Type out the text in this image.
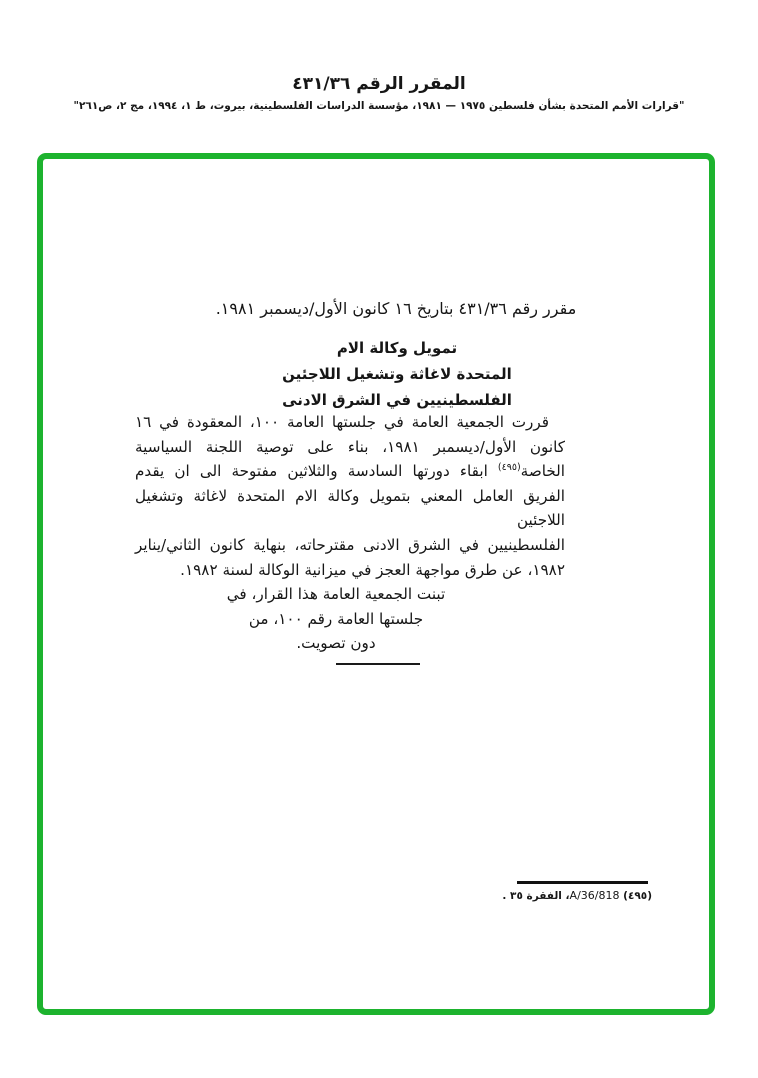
المقرر الرقم ٤٣١/٣٦
"قرارات الأمم المتحدة بشأن فلسطين ١٩٧٥ — ١٩٨١، مؤسسة الدراسات الفلسطينية، بيروت، ط ١، ١٩٩٤، مج ٢، ص٢٦١"
مقرر رقم ٤٣١/٣٦ بتاريخ ١٦ كانون الأول/ديسمبر ١٩٨١.
تمويل وكالة الام
المتحدة لاغاثة وتشغيل اللاجئين
الفلسطينيين في الشرق الادنى
قررت الجمعية العامة في جلستها العامة ١٠٠، المعقودة في ١٦
كانون الأول/ديسمبر ١٩٨١، بناء على توصية اللجنة السياسية
الخاصة$^{(٤٩٥)}$ ابقاء دورتها السادسة والثلاثين مفتوحة الى ان يقدم
الفريق العامل المعني بتمويل وكالة الام المتحدة لاغاثة وتشغيل اللاجئين
الفلسطينيين في الشرق الادنى مقترحاته، بنهاية كانون الثاني/يناير
١٩٨٢، عن طرق مواجهة العجز في ميزانية الوكالة لسنة ١٩٨٢.
تبنت الجمعية العامة هذا القرار، في
جلستها العامة رقم ١٠٠، من
دون تصويت.
(٤٩٥) A/36/818، الفقرة ٣٥ .
